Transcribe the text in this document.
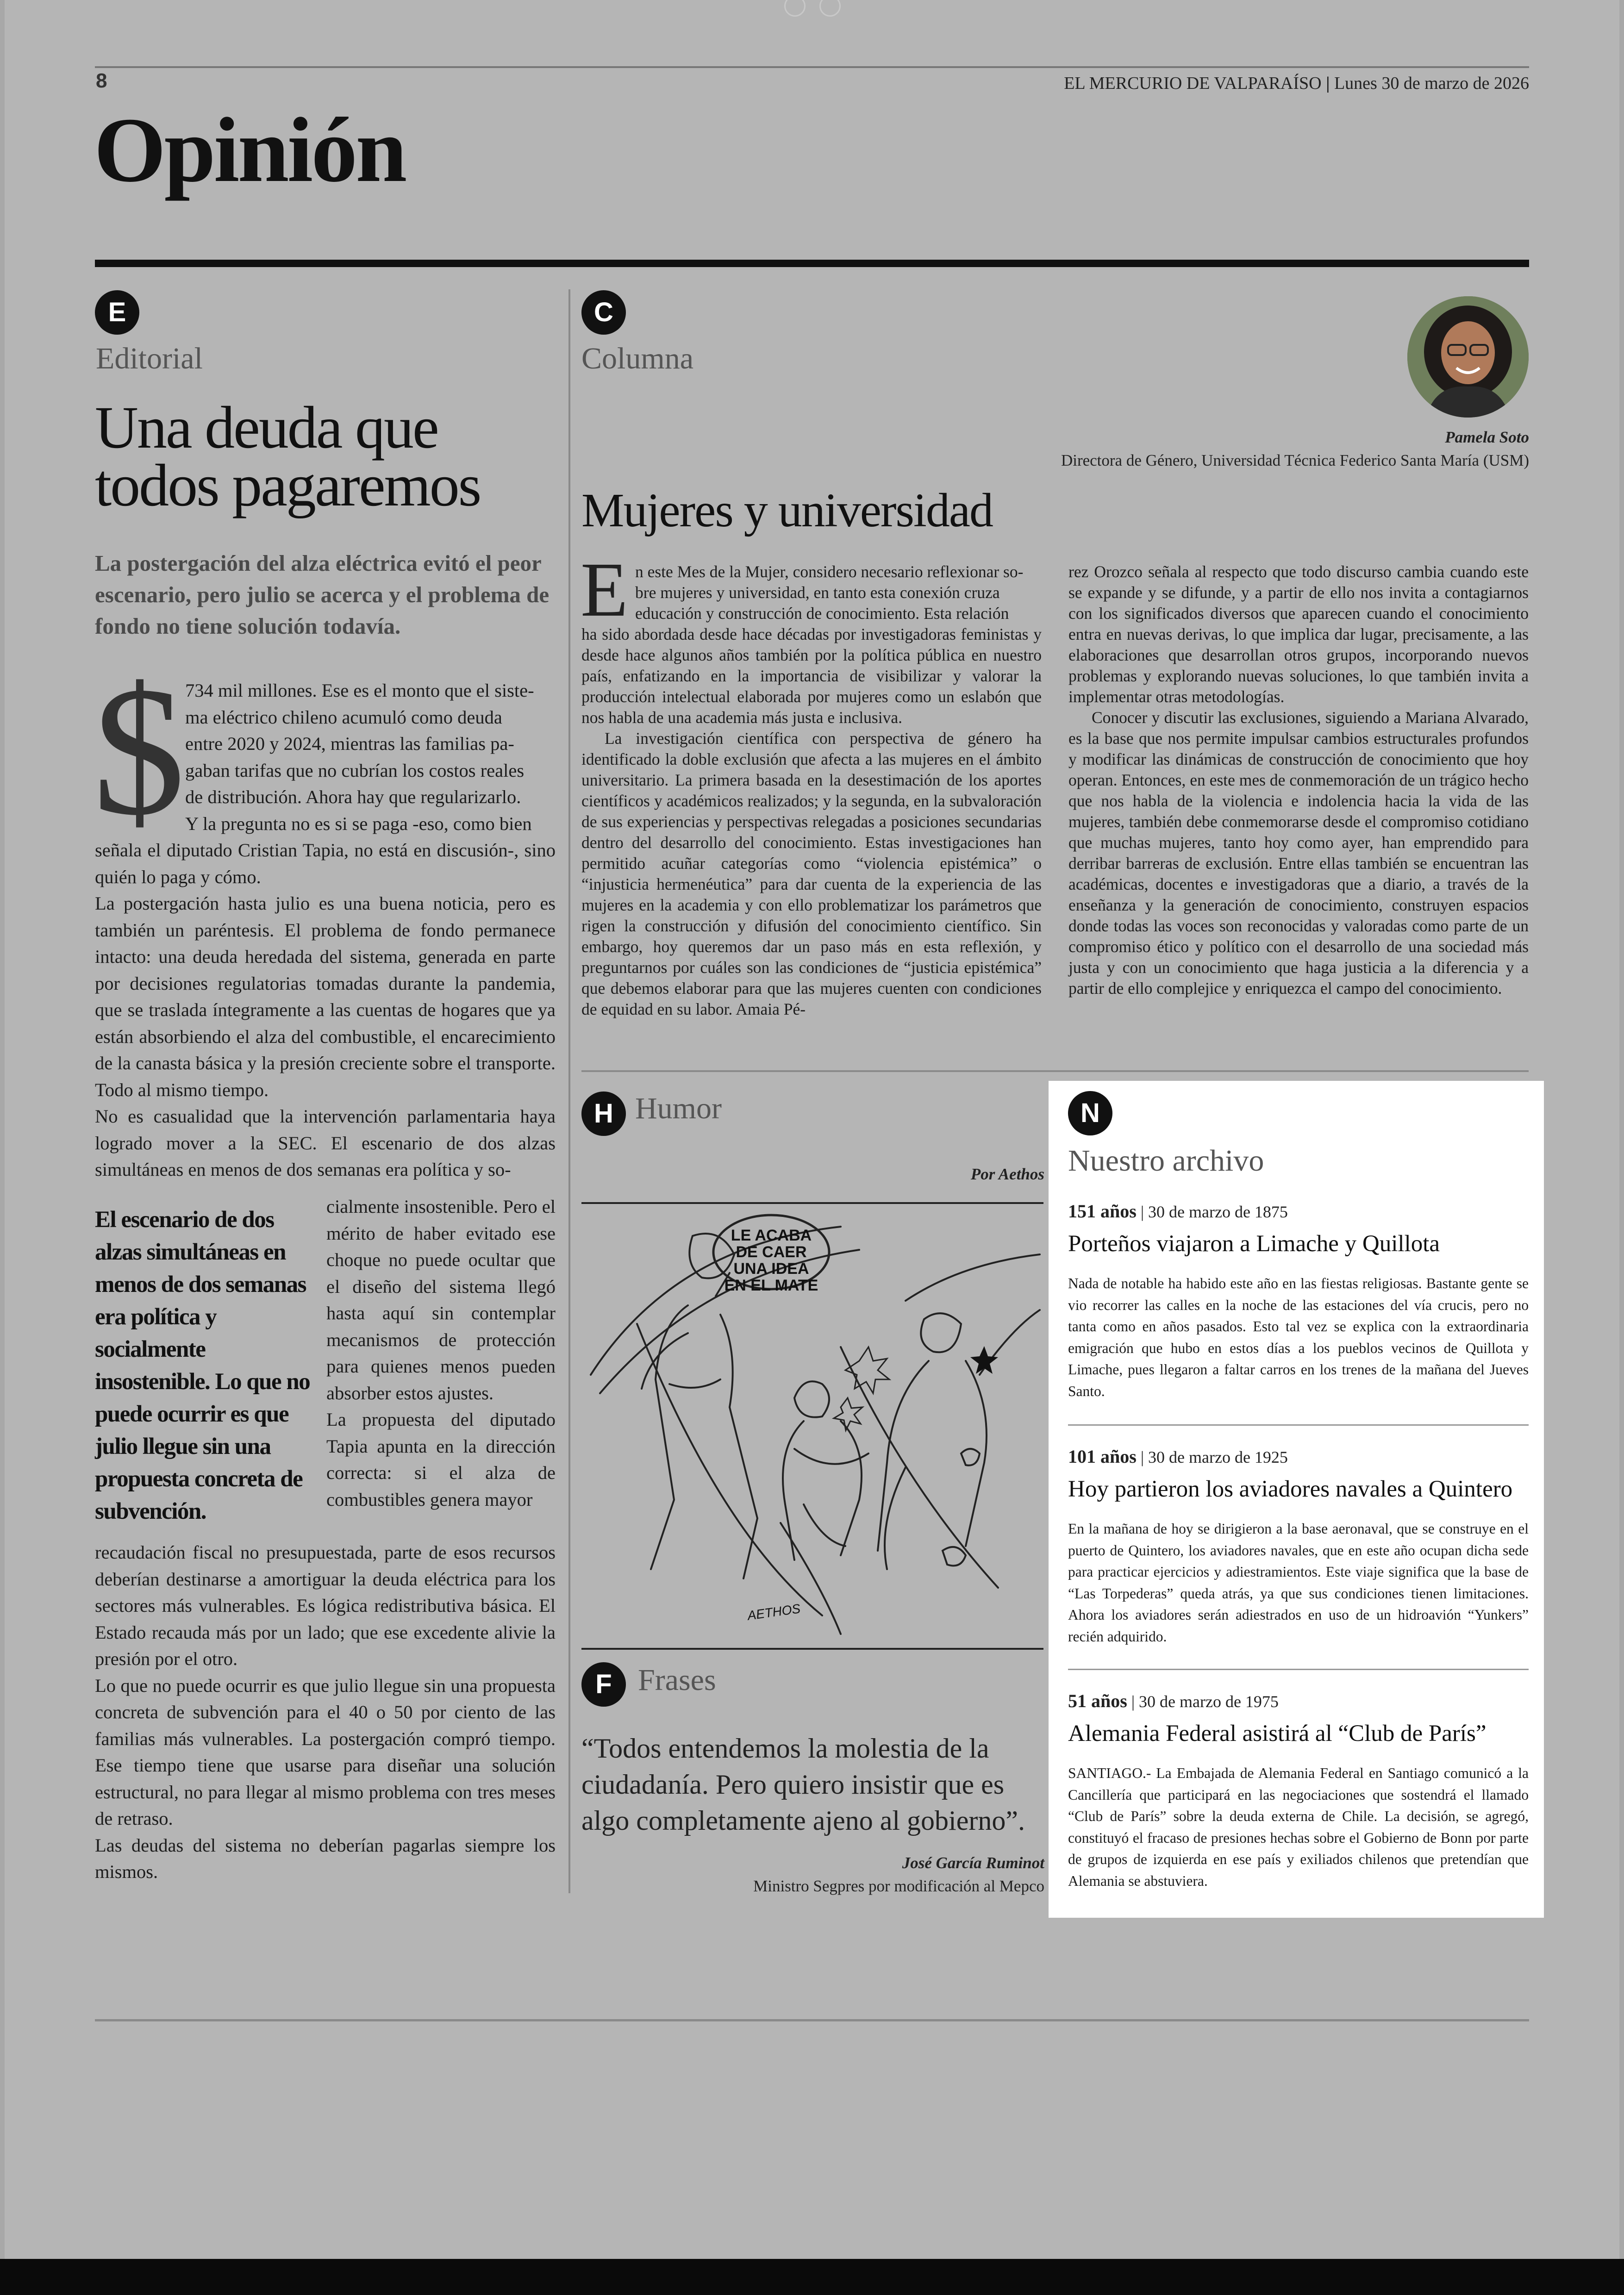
8	EL MERCURIO DE VALPARAÍSO | Lunes 30 de marzo de 2026
Opinión
E
Editorial
Una deuda que
todos pagaremos
La postergación del alza eléctrica evitó el peor escenario, pero julio se acerca y el problema de fondo no tiene solución todavía.
$ 734 mil millones. Ese es el monto que el siste-
ma eléctrico chileno acumuló como deuda
entre 2020 y 2024, mientras las familias pa-
gaban tarifas que no cubrían los costos reales
de distribución. Ahora hay que regularizarlo.
Y la pregunta no es si se paga -eso, como bien

señala el diputado Cristian Tapia, no está en discusión-, sino quién lo paga y cómo.

La postergación hasta julio es una buena noticia, pero es también un paréntesis. El problema de fondo permanece intacto: una deuda heredada del sistema, generada en parte por decisiones regulatorias tomadas durante la pandemia, que se traslada íntegramente a las cuentas de hogares que ya están absorbiendo el alza del combustible, el encarecimiento de la canasta básica y la presión creciente sobre el transporte. Todo al mismo tiempo.

No es casualidad que la intervención parlamentaria haya logrado mover a la SEC. El escenario de dos alzas simultáneas en menos de dos semanas era política y so-

El escenario de dos alzas simultáneas en menos de dos semanas era política y socialmente insostenible. Lo que no puede ocurrir es que julio llegue sin una propuesta concreta de subvención.

cialmente insostenible. Pero el mérito de haber evitado ese choque no puede ocultar que el diseño del sistema llegó hasta aquí sin contemplar mecanismos de protección para quienes menos pueden absorber estos ajustes.

La propuesta del diputado Tapia apunta en la dirección correcta: si el alza de combustibles genera mayor

recaudación fiscal no presupuestada, parte de esos recursos deberían destinarse a amortiguar la deuda eléctrica para los sectores más vulnerables. Es lógica redistributiva básica. El Estado recauda más por un lado; que ese excedente alivie la presión por el otro.

Lo que no puede ocurrir es que julio llegue sin una propuesta concreta de subvención para el 40 o 50 por ciento de las familias más vulnerables. La postergación compró tiempo. Ese tiempo tiene que usarse para diseñar una solución estructural, no para llegar al mismo problema con tres meses de retraso.

Las deudas del sistema no deberían pagarlas siempre los mismos.

C
Columna
Pamela Soto
Directora de Género, Universidad Técnica Federico Santa María (USM)
Mujeres y universidad
E n este Mes de la Mujer, considero necesario reflexionar so-
bre mujeres y universidad, en tanto esta conexión cruza
educación y construcción de conocimiento. Esta relación

ha sido abordada desde hace décadas por investigadoras feministas y desde hace algunos años también por la política pública en nuestro país, enfatizando en la importancia de visibilizar y valorar la producción intelectual elaborada por mujeres como un eslabón que nos habla de una academia más justa e inclusiva.

La investigación científica con perspectiva de género ha identificado la doble exclusión que afecta a las mujeres en el ámbito universitario. La primera basada en la desestimación de los aportes científicos y académicos realizados; y la segunda, en la subvaloración de sus experiencias y perspectivas relegadas a posiciones secundarias dentro del desarrollo del conocimiento. Estas investigaciones han permitido acuñar categorías como “violencia epistémica” o “injusticia hermenéutica” para dar cuenta de la experiencia de las mujeres en la academia y con ello problematizar los parámetros que rigen la construcción y difusión del conocimiento científico. Sin embargo, hoy queremos dar un paso más en esta reflexión, y preguntarnos por cuáles son las condiciones de “justicia epistémica” que debemos elaborar para que las mujeres cuenten con condiciones de equidad en su labor. Amaia Pé-

rez Orozco señala al respecto que todo discurso cambia cuando este se expande y se difunde, y a partir de ello nos invita a contagiarnos con los significados diversos que aparecen cuando el conocimiento entra en nuevas derivas, lo que implica dar lugar, precisamente, a las elaboraciones que desarrollan otros grupos, incorporando nuevos problemas y explorando nuevas soluciones, lo que también invita a implementar otras metodologías.

Conocer y discutir las exclusiones, siguiendo a Mariana Alvarado, es la base que nos permite impulsar cambios estructurales profundos y modificar las dinámicas de construcción de conocimiento que hoy operan. Entonces, en este mes de conmemoración de un trágico hecho que nos habla de la violencia e indolencia hacia la vida de las mujeres, también debe conmemorarse desde el compromiso cotidiano que muchas mujeres, tanto hoy como ayer, han emprendido para derribar barreras de exclusión. Entre ellas también se encuentran las académicas, docentes e investigadoras que a diario, a través de la enseñanza y la generación de conocimiento, construyen espacios donde todas las voces son reconocidas y valoradas como parte de un compromiso ético y político con el desarrollo de una sociedad más justa y con un conocimiento que haga justicia a la diferencia y a partir de ello complejice y enriquezca el campo del conocimiento.

H Humor
Por Aethos
LE ACABA
DE CAER
UNA IDEA
EN EL MATE
AETHOS
F Frases
“Todos entendemos la molestia de la ciudadanía. Pero quiero insistir que es algo completamente ajeno al gobierno”.
José García Ruminot
Ministro Segpres por modificación al Mepco
N
Nuestro archivo
151 años | 30 de marzo de 1875
Porteños viajaron a Limache y Quillota
Nada de notable ha habido este año en las fiestas religiosas. Bastante gente se vio recorrer las calles en la noche de las estaciones del vía crucis, pero no tanta como en años pasados. Esto tal vez se explica con la extraordinaria emigración que hubo en estos días a los pueblos vecinos de Quillota y Limache, pues llegaron a faltar carros en los trenes de la mañana del Jueves Santo.
101 años | 30 de marzo de 1925
Hoy partieron los aviadores navales a Quintero
En la mañana de hoy se dirigieron a la base aeronaval, que se construye en el puerto de Quintero, los aviadores navales, que en este año ocupan dicha sede para practicar ejercicios y adiestramientos. Este viaje significa que la base de “Las Torpederas” queda atrás, ya que sus condiciones tienen limitaciones. Ahora los aviadores serán adiestrados en uso de un hidroavión “Yunkers” recién adquirido.
51 años | 30 de marzo de 1975
Alemania Federal asistirá al “Club de París”
SANTIAGO.- La Embajada de Alemania Federal en Santiago comunicó a la Cancillería que participará en las negociaciones que sostendrá el llamado “Club de París” sobre la deuda externa de Chile. La decisión, se agregó, constituyó el fracaso de presiones hechas sobre el Gobierno de Bonn por parte de grupos de izquierda en ese país y exiliados chilenos que pretendían que Alemania se abstuviera.
